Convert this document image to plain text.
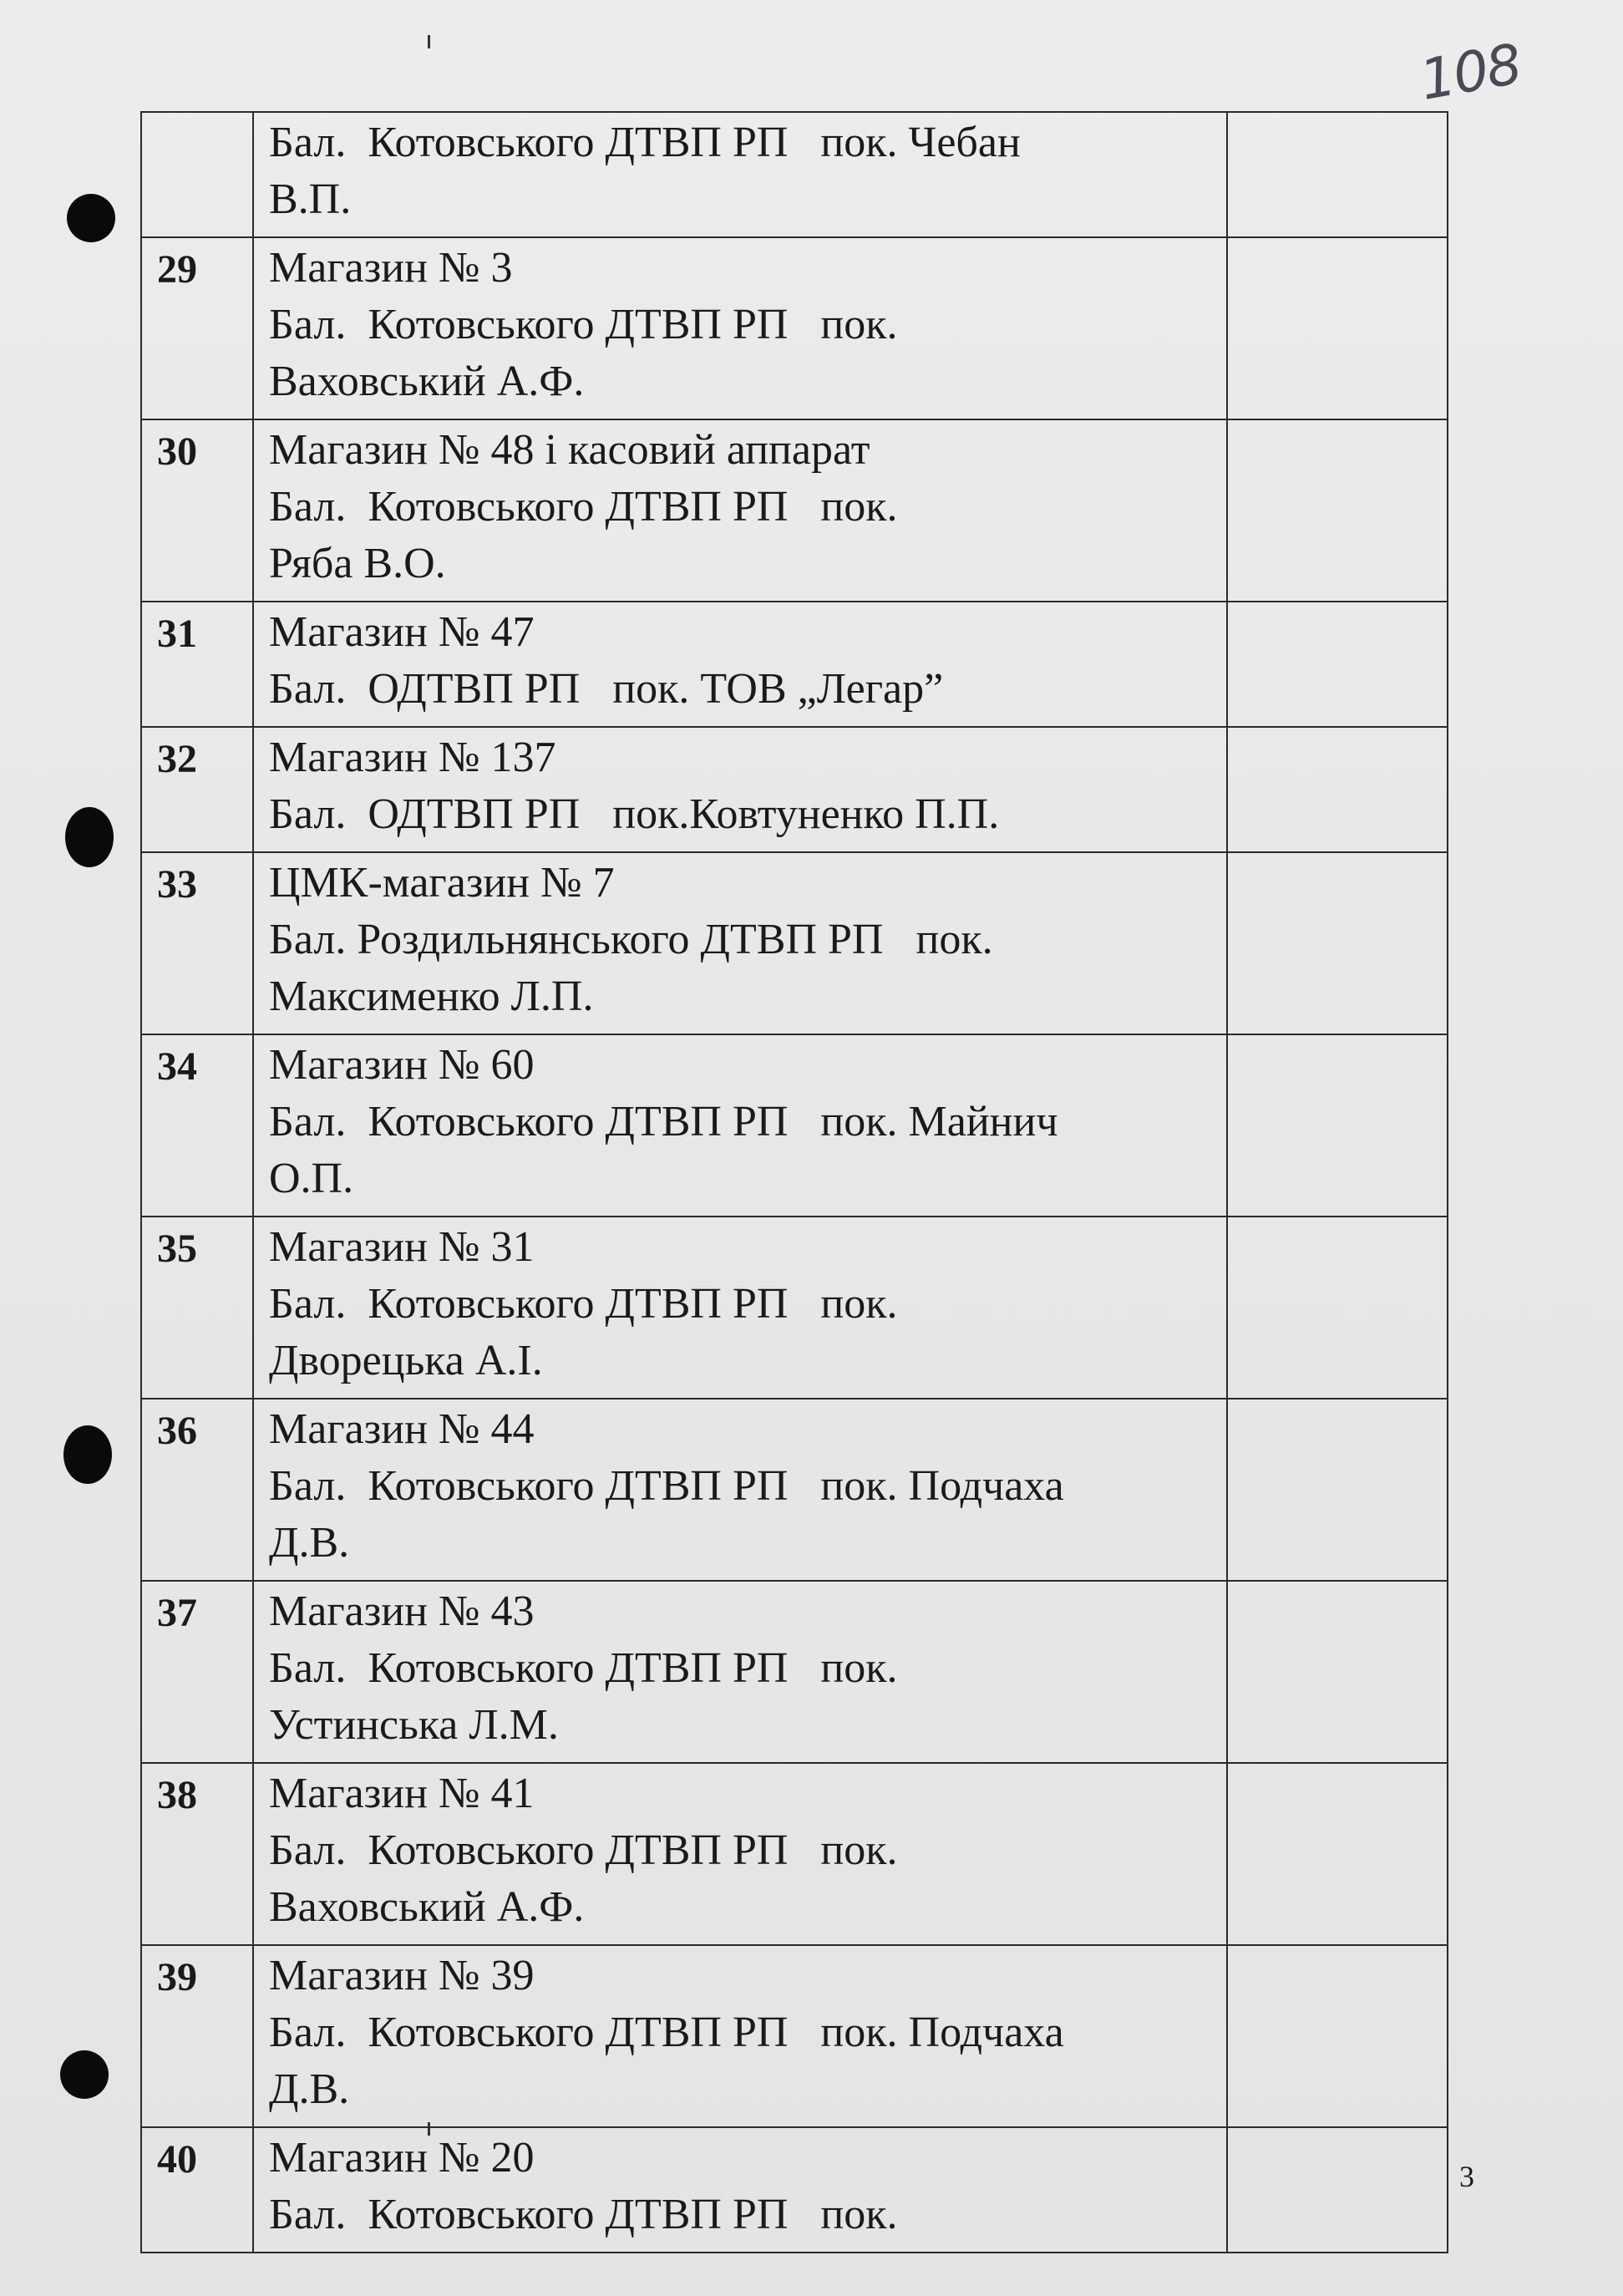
108

	Бал.  Котовського ДТВП РП   пок. Чебан
В.П.	

29	Магазин № 3
Бал.  Котовського ДТВП РП   пок.
Ваховський А.Ф.	

30	Магазин № 48 і касовий аппарат
Бал.  Котовського ДТВП РП   пок.
Ряба В.О.	

31	Магазин № 47
Бал.  ОДТВП РП   пок. ТОВ „Легар”	

32	Магазин № 137
Бал.  ОДТВП РП   пок.Ковтуненко П.П.	

33	ЦМК-магазин № 7
Бал. Роздильнянського ДТВП РП   пок.
Максименко Л.П.	

34	Магазин № 60
Бал.  Котовського ДТВП РП   пок. Майнич
О.П.	

35	Магазин № 31
Бал.  Котовського ДТВП РП   пок.
Дворецька А.І.	

36	Магазин № 44
Бал.  Котовського ДТВП РП   пок. Подчаха
Д.В.	

37	Магазин № 43
Бал.  Котовського ДТВП РП   пок.
Устинська Л.М.	

38	Магазин № 41
Бал.  Котовського ДТВП РП   пок.
Ваховський А.Ф.	

39	Магазин № 39
Бал.  Котовського ДТВП РП   пок. Подчаха
Д.В.	

40	Магазин № 20
Бал.  Котовського ДТВП РП   пок.	

3
